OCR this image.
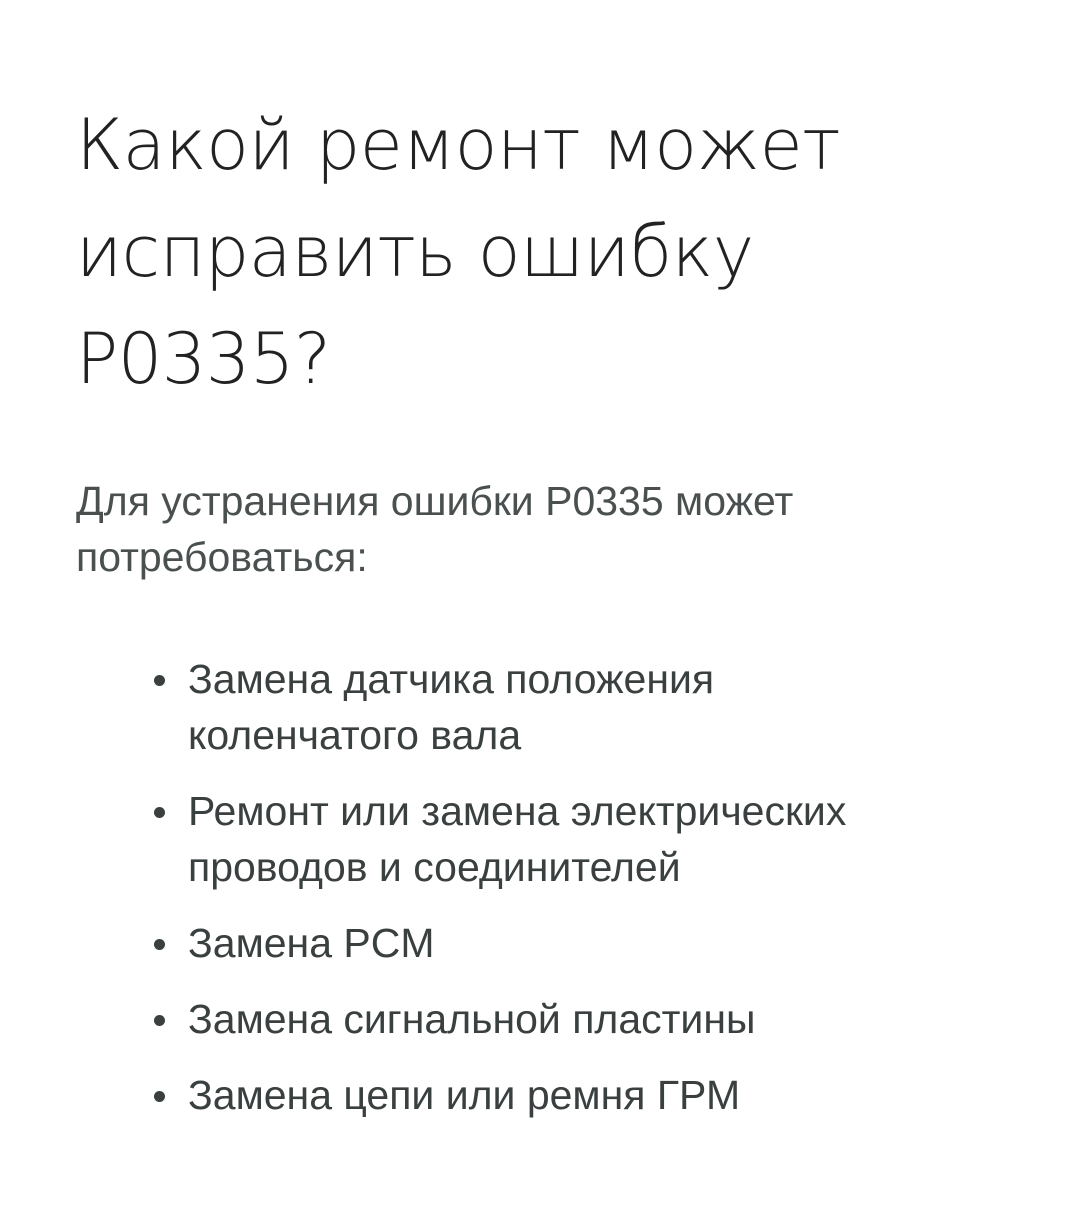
Какой ремонт может исправить ошибку P0335?

Для устранения ошибки P0335 может потребоваться:

Замена датчика положения коленчатого вала
Ремонт или замена электрических проводов и соединителей
Замена PCM
Замена сигнальной пластины
Замена цепи или ремня ГРМ
